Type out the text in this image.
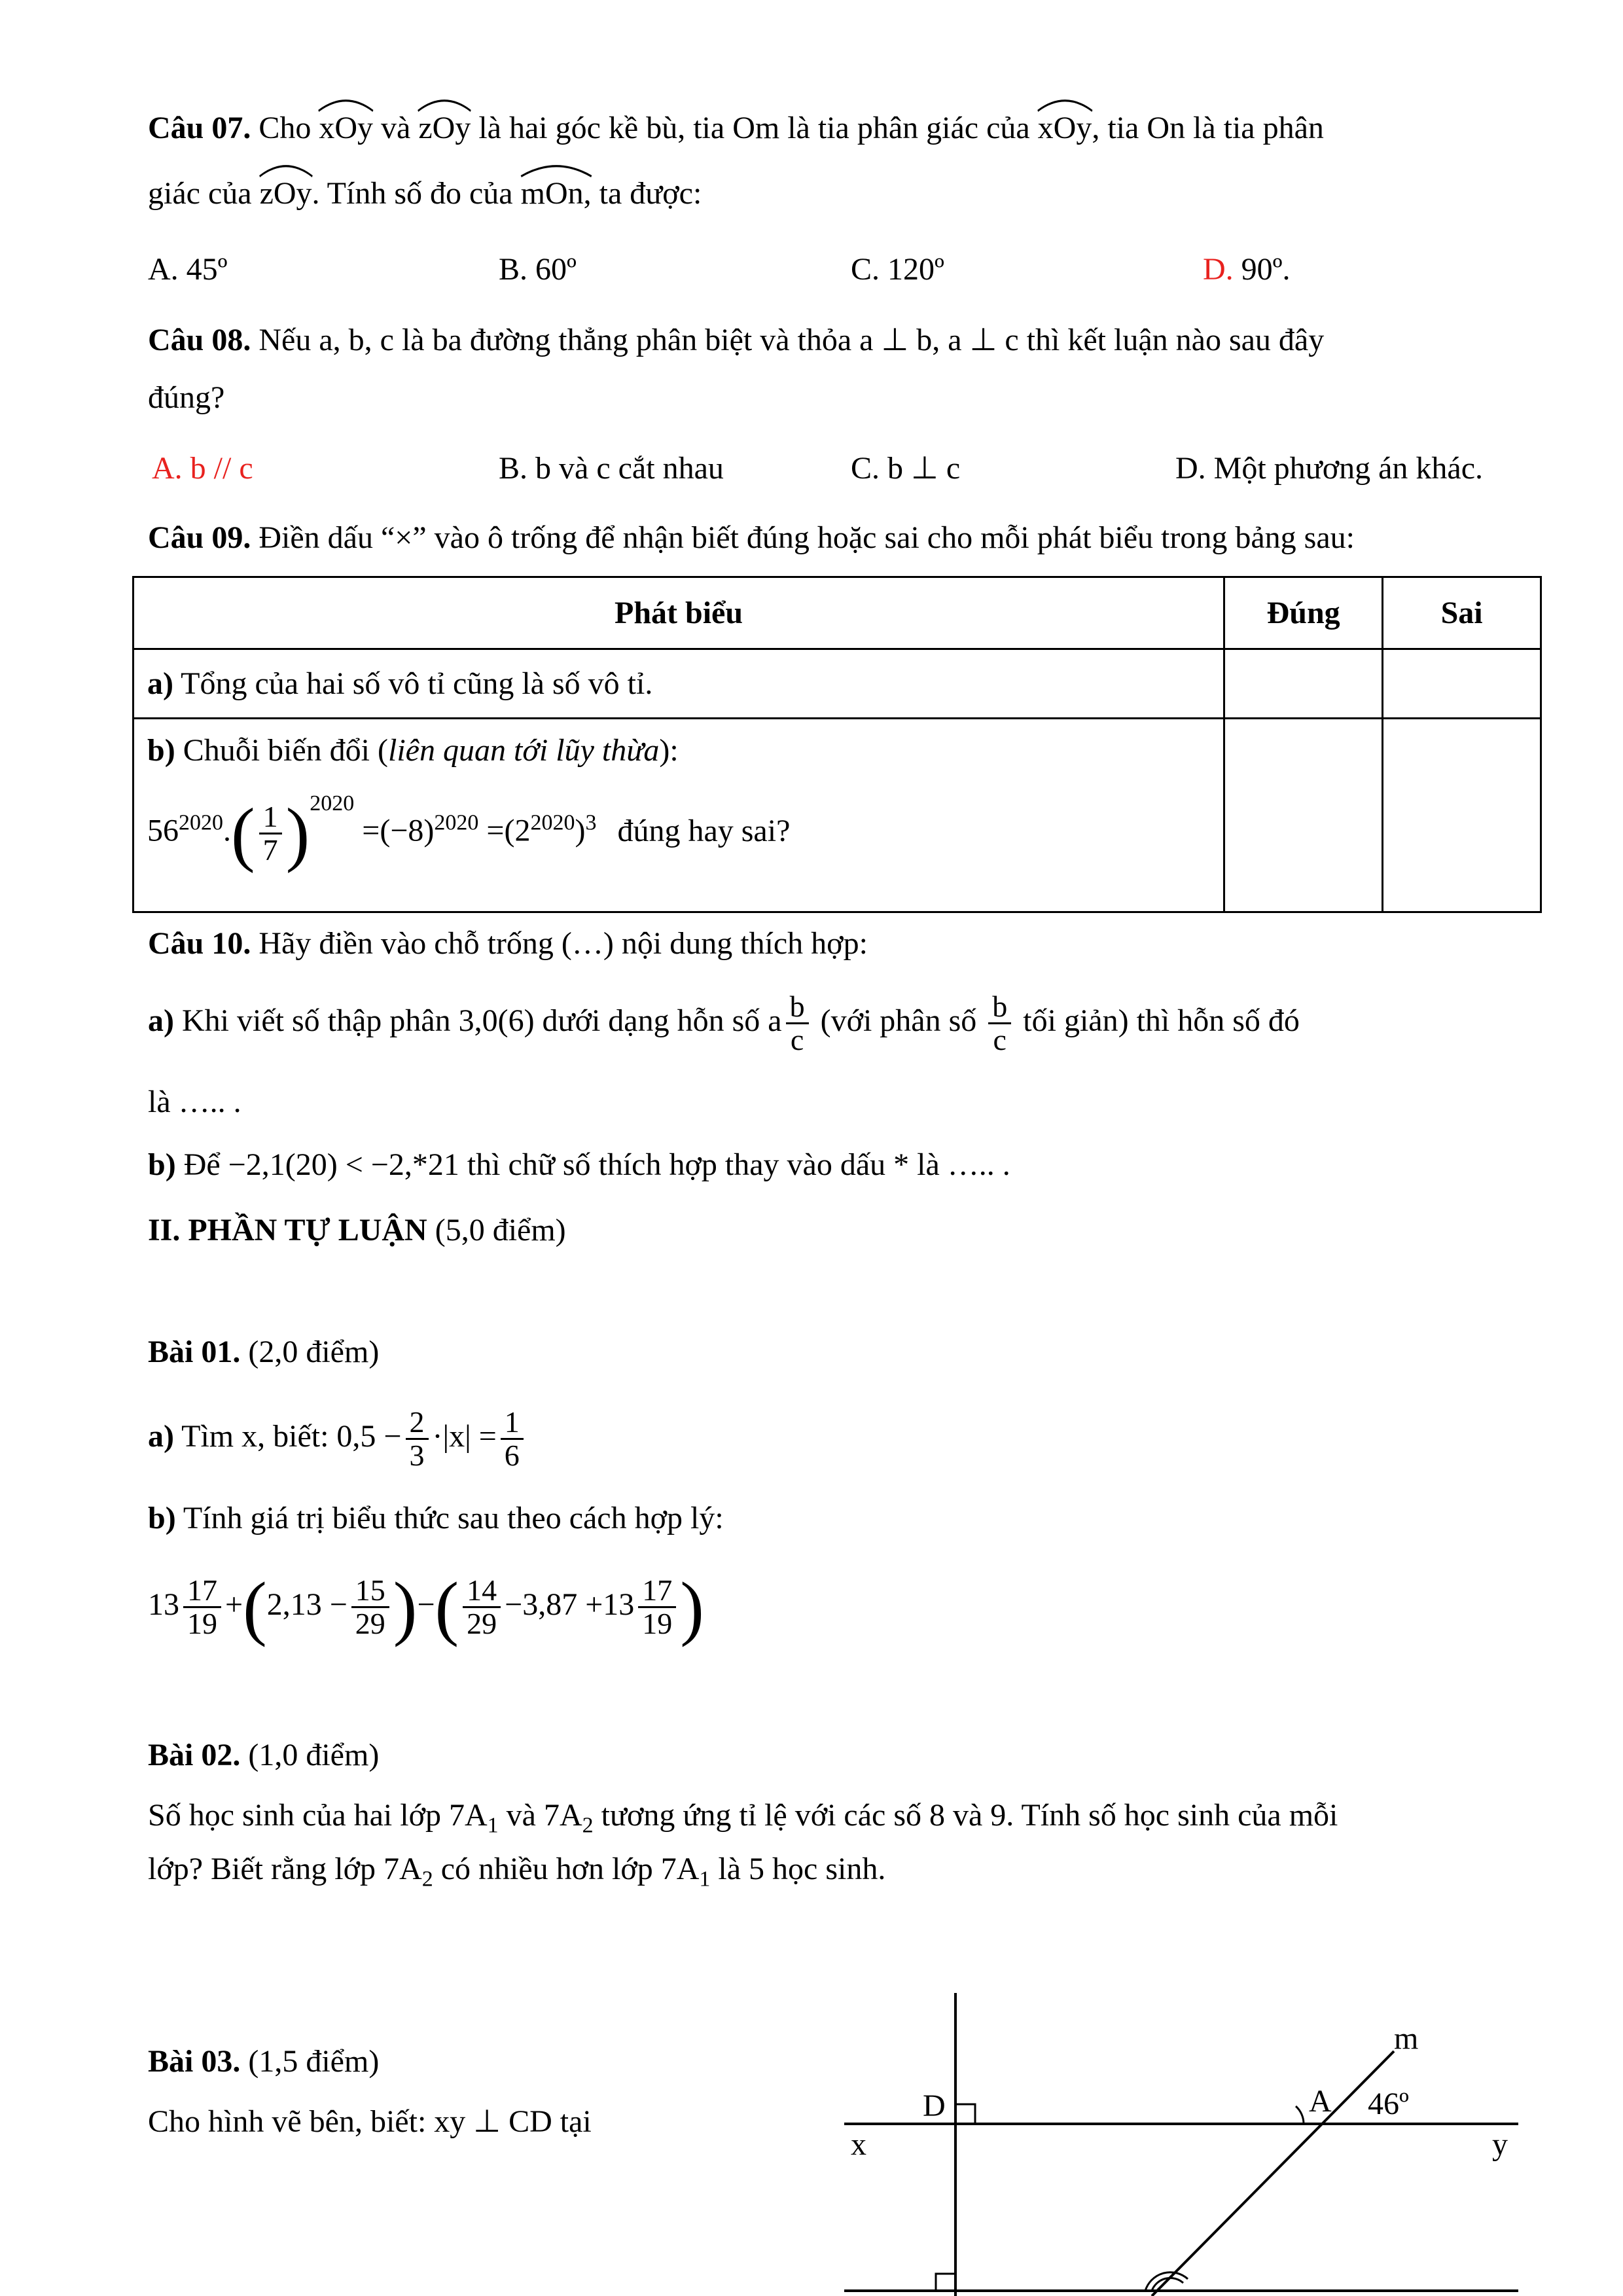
Câu 07. Cho xOy
và zOy
là hai góc kề bù, tia Om là tia phân giác của xOy
, tia On là tia phân
giác của zOy
. Tính số đo của mOn,
ta được:
A. 45º	B. 60º	C. 120º	D. 90º.
Câu 08. Nếu a, b, c là ba đường thẳng phân biệt và thỏa a ⊥ b, a ⊥ c thì kết luận nào sau đây
đúng?
A. b // c	B. b và c cắt nhau	C. b ⊥ c	D. Một phương án khác.
Câu 09. Điền dấu “×” vào ô trống để nhận biết đúng hoặc sai cho mỗi phát biểu trong bảng sau:
Phát biểu	Đúng	Sai
a) Tổng của hai số vô tỉ cũng là số vô tỉ.		

b) Chuỗi biến đổi (liên quan tới lũy thừa):
$56^{2020}.( \frac{1}{7} )^{2020} =(-8)^{2020} =(2^{2020})^3$ đúng hay sai?		

Câu 10. Hãy điền vào chỗ trống (…) nội dung thích hợp:
a) Khi viết số thập phân 3,0(6) dưới dạng hỗn số a $\frac{b}{c}$ (với phân số $\frac{b}{c}$ tối giản) thì hỗn số đó
là ….. .
b) Để −2,1(20) < −2,*21 thì chữ số thích hợp thay vào dấu * là ….. .
II. PHẦN TỰ LUẬN (5,0 điểm)
Bài 01. (2,0 điểm)
a) Tìm x, biết: $0,5 - \frac{2}{3} \cdot|x| = \frac{1}{6}$
b) Tính giá trị biểu thức sau theo cách hợp lý:
$13 \frac{17}{19} +(2,13 - \frac{15}{29}$ )−( $\frac{14}{29} -3,87 +13 \frac{17}{19}$ )
Bài 02. (1,0 điểm)
Số học sinh của hai lớp $7A_1$ và $7A_2$ tương ứng tỉ lệ với các số 8 và 9. Tính số học sinh của mỗi
lớp? Biết rằng lớp $7A_2$ có nhiều hơn lớp $7A_1$ là 5 học sinh.
Bài 03. (1,5 điểm)
Cho hình vẽ bên, biết: xy ⊥ CD tại
m
A 46º
D
x	y
